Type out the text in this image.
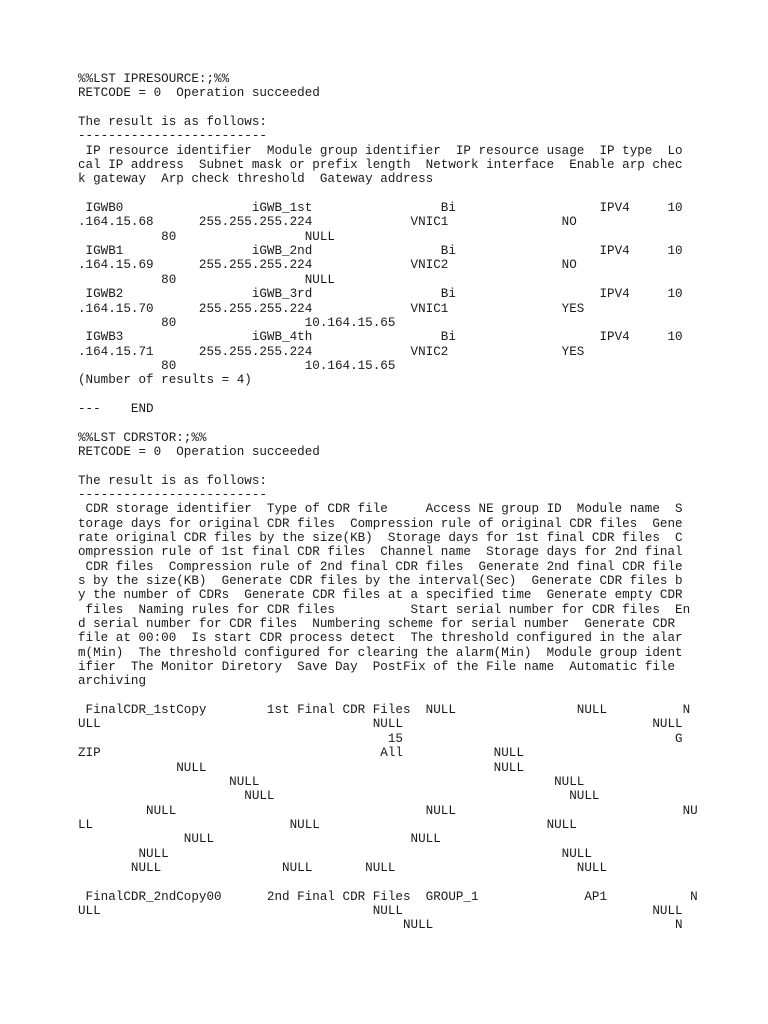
%%LST IPRESOURCE:;%%
RETCODE = 0  Operation succeeded

The result is as follows:
-------------------------
IP resource identifier  Module group identifier  IP resource usage  IP type  Lo
cal IP address  Subnet mask or prefix length  Network interface  Enable arp chec
k gateway  Arp check threshold  Gateway address

IGWB0                 iGWB_1st                 Bi                   IPV4     10
.164.15.68      255.255.255.224             VNIC1               NO
80                 NULL
IGWB1                 iGWB_2nd                 Bi                   IPV4     10
.164.15.69      255.255.255.224             VNIC2               NO
80                 NULL
IGWB2                 iGWB_3rd                 Bi                   IPV4     10
.164.15.70      255.255.255.224             VNIC1               YES
80                 10.164.15.65
IGWB3                 iGWB_4th                 Bi                   IPV4     10
.164.15.71      255.255.255.224             VNIC2               YES
80                 10.164.15.65
(Number of results = 4)

---    END

%%LST CDRSTOR:;%%
RETCODE = 0  Operation succeeded

The result is as follows:
-------------------------
CDR storage identifier  Type of CDR file     Access NE group ID  Module name  S
torage days for original CDR files  Compression rule of original CDR files  Gene
rate original CDR files by the size(KB)  Storage days for 1st final CDR files  C
ompression rule of 1st final CDR files  Channel name  Storage days for 2nd final
CDR files  Compression rule of 2nd final CDR files  Generate 2nd final CDR file
s by the size(KB)  Generate CDR files by the interval(Sec)  Generate CDR files b
y the number of CDRs  Generate CDR files at a specified time  Generate empty CDR
files  Naming rules for CDR files          Start serial number for CDR files  En
d serial number for CDR files  Numbering scheme for serial number  Generate CDR
file at 00:00  Is start CDR process detect  The threshold configured in the alar
m(Min)  The threshold configured for clearing the alarm(Min)  Module group ident
ifier  The Monitor Diretory  Save Day  PostFix of the File name  Automatic file
archiving

FinalCDR_1stCopy        1st Final CDR Files  NULL                NULL          N
ULL                                    NULL                                 NULL
15                                    G
ZIP                                     All            NULL
NULL                                      NULL
NULL                                       NULL
NULL                                       NULL
NULL                                 NULL                              NU
LL                          NULL                              NULL
NULL                          NULL
NULL                                                    NULL
NULL                NULL       NULL                        NULL

FinalCDR_2ndCopy00      2nd Final CDR Files  GROUP_1              AP1           N
ULL                                    NULL                                 NULL
NULL                                N
